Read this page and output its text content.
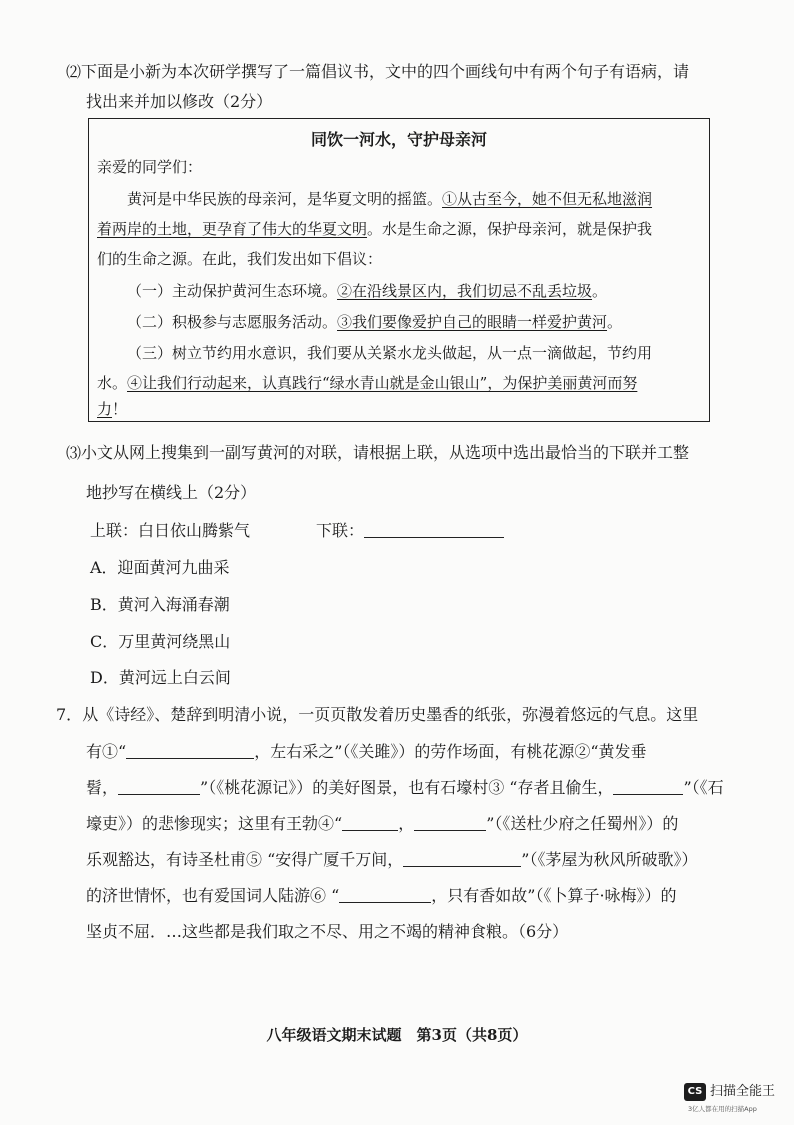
⑵下面是小新为本次研学撰写了一篇倡议书，文中的四个画线句中有两个句子有语病，请
找出来并加以修改（2分）
同饮一河水，守护母亲河
亲爱的同学们：
黄河是中华民族的母亲河，是华夏文明的摇篮。①从古至今，她不但无私地滋润
着两岸的土地，更孕育了伟大的华夏文明。水是生命之源，保护母亲河，就是保护我
们的生命之源。在此，我们发出如下倡议：
（一）主动保护黄河生态环境。②在沿线景区内，我们切忌不乱丢垃圾。
（二）积极参与志愿服务活动。③我们要像爱护自己的眼睛一样爱护黄河。
（三）树立节约用水意识，我们要从关紧水龙头做起，从一点一滴做起，节约用
水。④让我们行动起来，认真践行“绿水青山就是金山银山”，为保护美丽黄河而努
力！
⑶小文从网上搜集到一副写黄河的对联，请根据上联，从选项中选出最恰当的下联并工整
地抄写在横线上（2分）
上联：白日依山腾紫气	下联：
A．迎面黄河九曲采
B．黄河入海涌春潮
C．万里黄河绕黑山
D．黄河远上白云间
7．从《诗经》、楚辞到明清小说，一页页散发着历史墨香的纸张，弥漫着悠远的气息。这里
有①“	，左右采之”（《关雎》）的劳作场面，有桃花源②“黄发垂
髫，	”（《桃花源记》）的美好图景，也有石壕村③ “存者且偷生，	”（《石
壕吏》）的悲惨现实；这里有王勃④“	，	”（《送杜少府之任蜀州》）的
乐观豁达，有诗圣杜甫⑤ “安得广厦千万间，	”（《茅屋为秋风所破歌》）
的济世情怀，也有爱国词人陆游⑥ “	，只有香如故”（《卜算子·咏梅》）的
坚贞不屈．…这些都是我们取之不尽、用之不竭的精神食粮。（6分）
八年级语文期末试题　第3页（共8页）
CS 扫描全能王
3亿人都在用的扫描App
